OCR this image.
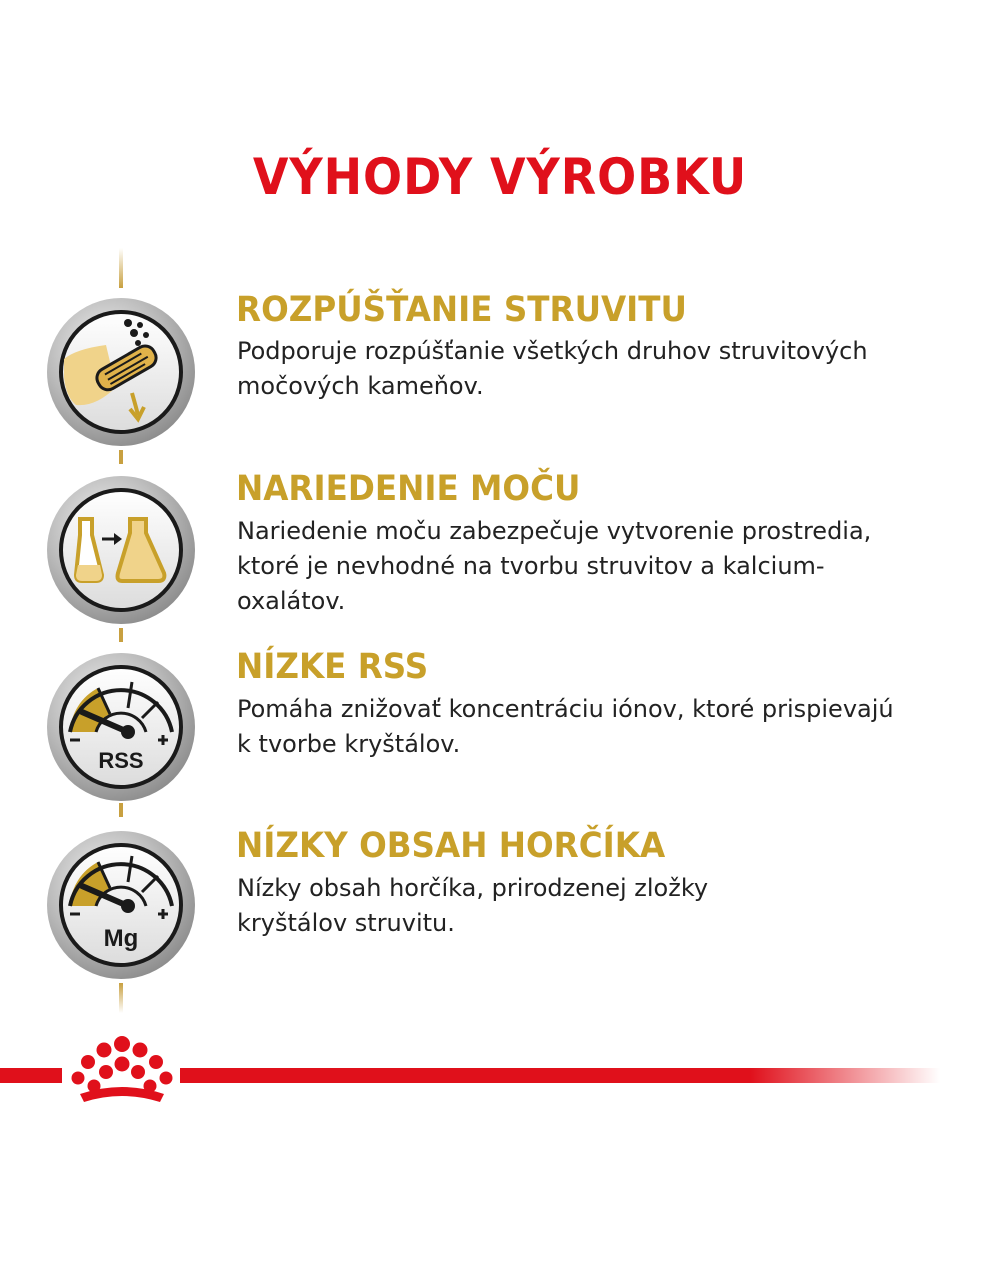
VÝHODY VÝROBKU
ROZPÚŠŤANIE STRUVITU
Podporuje rozpúšťanie všetkých druhov struvitových
močových kameňov.
NARIEDENIE MOČU
Nariedenie moču zabezpečuje vytvorenie prostredia,
ktoré je nevhodné na tvorbu struvitov a kalcium-
oxalátov.
RSS
NÍZKE RSS
Pomáha znižovať koncentráciu iónov, ktoré prispievajú
k tvorbe kryštálov.
Mg
NÍZKY OBSAH HORČÍKA
Nízky obsah horčíka, prirodzenej zložky
kryštálov struvitu.
